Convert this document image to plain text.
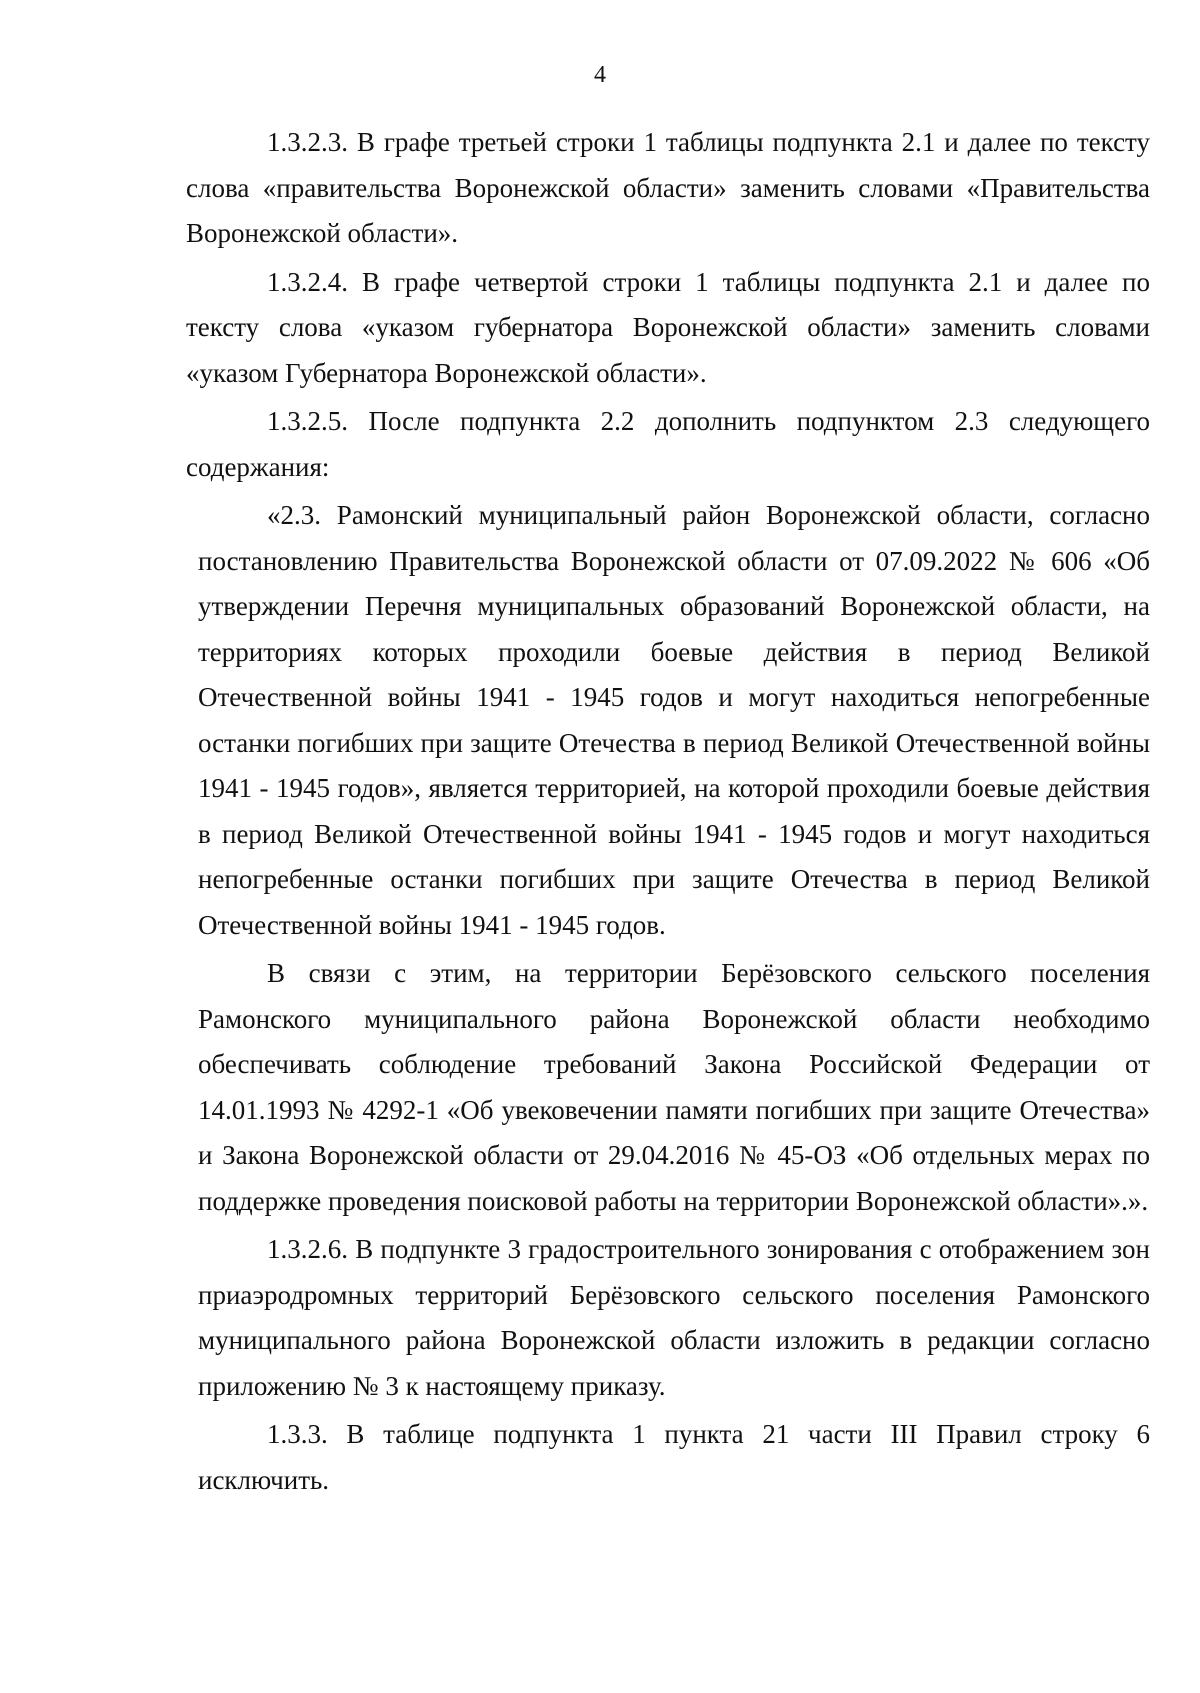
4

1.3.2.3. В графе третьей строки 1 таблицы подпункта 2.1 и далее по тексту слова «правительства Воронежской области» заменить словами «Правительства Воронежской области».

1.3.2.4. В графе четвертой строки 1 таблицы подпункта 2.1 и далее по тексту слова «указом губернатора Воронежской области» заменить словами «указом Губернатора Воронежской области».

1.3.2.5. После подпункта 2.2 дополнить подпунктом 2.3 следующего содержания:

«2.3. Рамонский муниципальный район Воронежской области, согласно постановлению Правительства Воронежской области от 07.09.2022 № 606 «Об утверждении Перечня муниципальных образований Воронежской области, на территориях которых проходили боевые действия в период Великой Отечественной войны 1941 - 1945 годов и могут находиться непогребенные останки погибших при защите Отечества в период Великой Отечественной войны 1941 - 1945 годов», является территорией, на которой проходили боевые действия в период Великой Отечественной войны 1941 - 1945 годов и могут находиться непогребенные останки погибших при защите Отечества в период Великой Отечественной войны 1941 - 1945 годов.

В связи с этим, на территории Берёзовского сельского поселения Рамонского муниципального района Воронежской области необходимо обеспечивать соблюдение требований Закона Российской Федерации от 14.01.1993 № 4292-1 «Об увековечении памяти погибших при защите Отечества» и Закона Воронежской области от 29.04.2016 № 45-ОЗ «Об отдельных мерах по поддержке проведения поисковой работы на территории Воронежской области».».

1.3.2.6. В подпункте 3 градостроительного зонирования с отображением зон приаэродромных территорий Берёзовского сельского поселения Рамонского муниципального района Воронежской области изложить в редакции согласно приложению № 3 к настоящему приказу.

1.3.3. В таблице подпункта 1 пункта 21 части III Правил строку 6 исключить.
